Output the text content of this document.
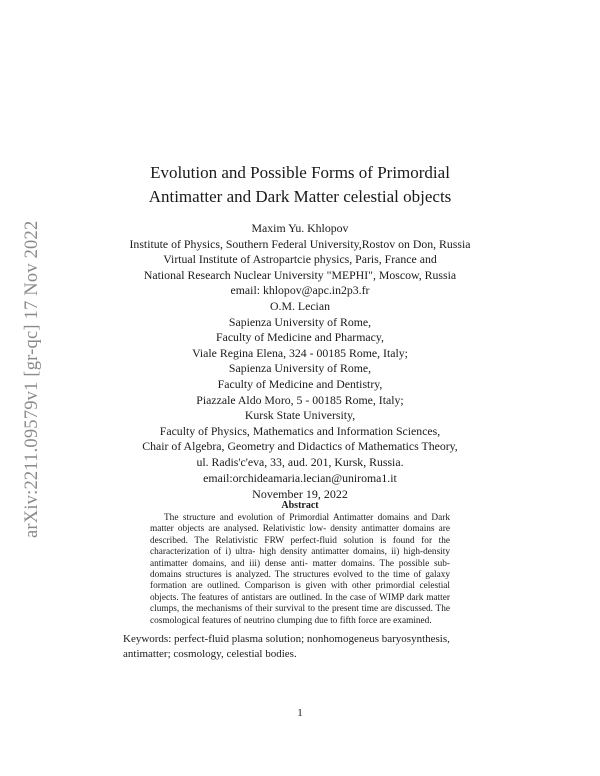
arXiv:2211.09579v1 [gr-qc] 17 Nov 2022
Evolution and Possible Forms of Primordial
Antimatter and Dark Matter celestial objects
Maxim Yu. Khlopov
Institute of Physics, Southern Federal University,Rostov on Don, Russia
Virtual Institute of Astropartcie physics, Paris, France and
National Research Nuclear University "MEPHI", Moscow, Russia
email: khlopov@apc.in2p3.fr
O.M. Lecian
Sapienza University of Rome,
Faculty of Medicine and Pharmacy,
Viale Regina Elena, 324 - 00185 Rome, Italy;
Sapienza University of Rome,
Faculty of Medicine and Dentistry,
Piazzale Aldo Moro, 5 - 00185 Rome, Italy;
Kursk State University,
Faculty of Physics, Mathematics and Information Sciences,
Chair of Algebra, Geometry and Didactics of Mathematics Theory,
ul. Radis'c'eva, 33, aud. 201, Kursk, Russia.
email:orchideamaria.lecian@uniroma1.it
November 19, 2022
Abstract
The structure and evolution of Primordial Antimatter domains and Dark matter objects are analysed. Relativistic low- density antimatter domains are described. The Relativistic FRW perfect-fluid solution is found for the characterization of i) ultra- high density antimatter domains, ii) high-density antimatter domains, and iii) dense anti- matter domains. The possible sub-domains structures is analyzed. The structures evolved to the time of galaxy formation are outlined. Comparison is given with other primordial celestial objects. The features of antistars are outlined. In the case of WIMP dark matter clumps, the mechanisms of their survival to the present time are discussed. The cosmological features of neutrino clumping due to fifth force are examined.
Keywords: perfect-fluid plasma solution; nonhomogeneus baryosynthesis, antimatter; cosmology, celestial bodies.
1
